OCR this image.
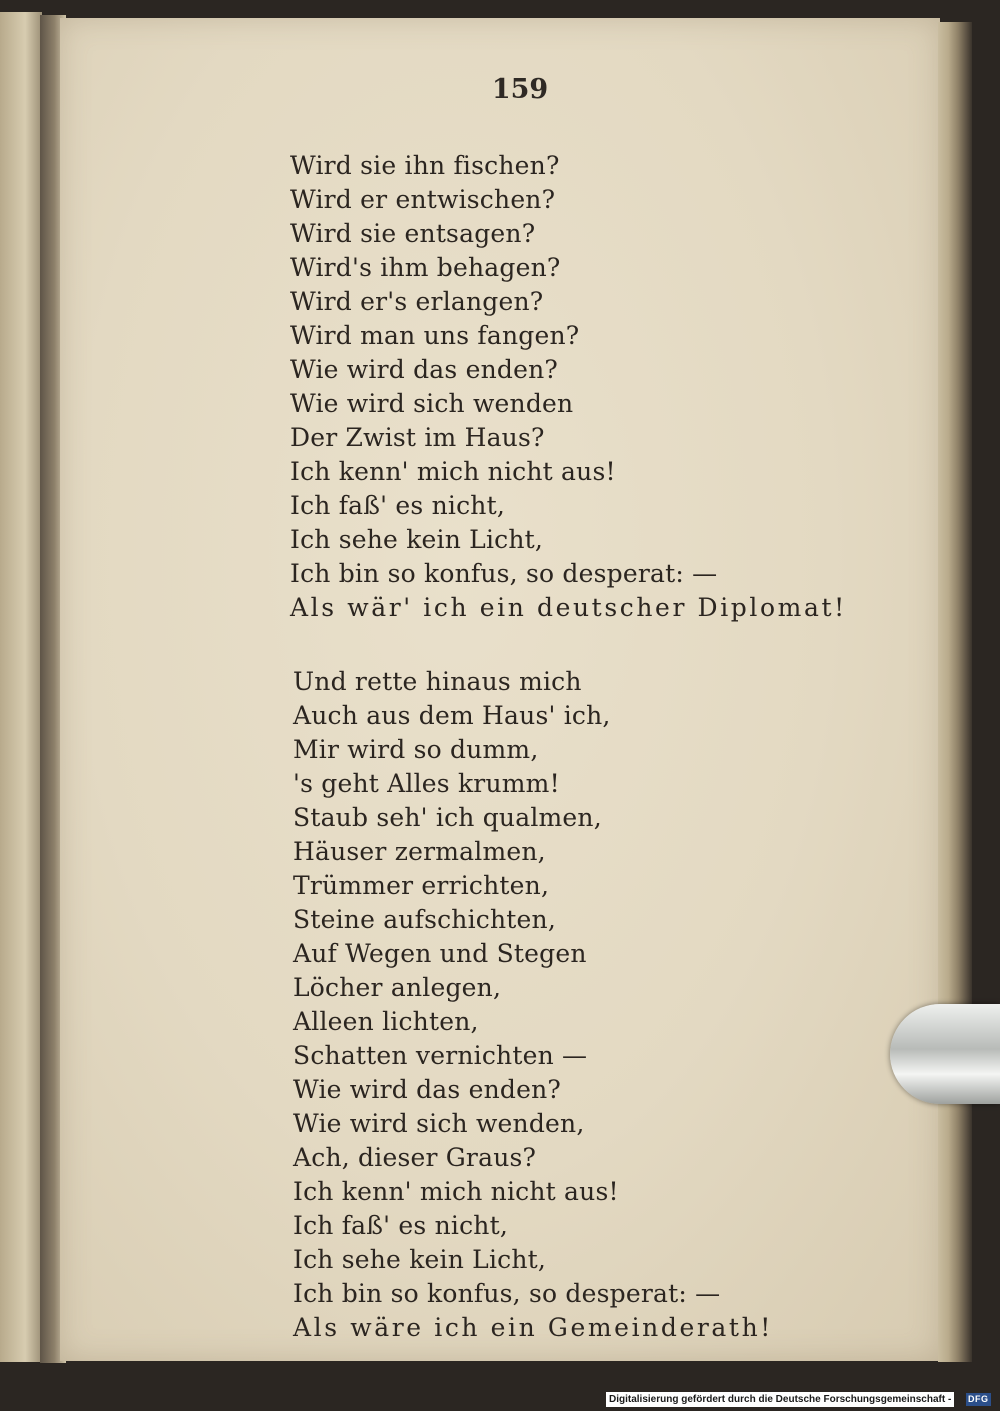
159
Wird sie ihn fischen?
Wird er entwischen?
Wird sie entsagen?
Wird's ihm behagen?
Wird er's erlangen?
Wird man uns fangen?
Wie wird das enden?
Wie wird sich wenden
Der Zwist im Haus?
Ich kenn' mich nicht aus!
Ich faß' es nicht,
Ich sehe kein Licht,
Ich bin so konfus, so desperat: —
Als wär' ich ein deutscher Diplomat!
Und rette hinaus mich
Auch aus dem Haus' ich,
Mir wird so dumm,
's geht Alles krumm!
Staub seh' ich qualmen,
Häuser zermalmen,
Trümmer errichten,
Steine aufschichten,
Auf Wegen und Stegen
Löcher anlegen,
Alleen lichten,
Schatten vernichten —
Wie wird das enden?
Wie wird sich wenden,
Ach, dieser Graus?
Ich kenn' mich nicht aus!
Ich faß' es nicht,
Ich sehe kein Licht,
Ich bin so konfus, so desperat: —
Als wäre ich ein Gemeinderath!
Digitalisierung gefördert durch die Deutsche Forschungsgemeinschaft -	DFG
